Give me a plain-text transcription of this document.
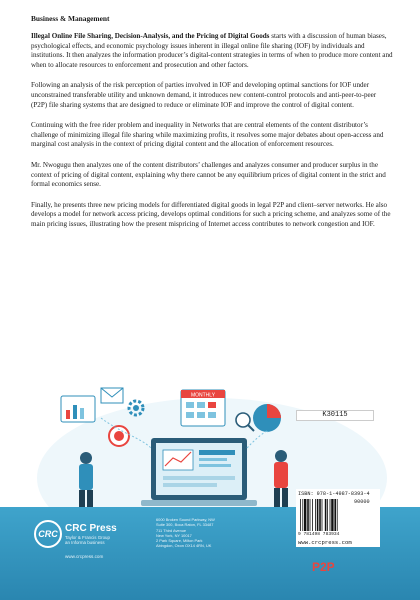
Business & Management

Illegal Online File Sharing, Decision-Analysis, and the Pricing of Digital Goods starts with a discussion of human biases, psychological effects, and economic psychology issues inherent in illegal online file sharing (IOF) by individuals and institutions. It then analyzes the information producer’s digital-content strategies in terms of when to produce more content and when to allocate resources to enforcement and prosecution and other factors.

Following an analysis of the risk perception of parties involved in IOF and developing optimal sanctions for IOF under unconstrained transferable utility and unknown demand, it introduces new content-control protocols and anti-peer-to-peer (P2P) file sharing systems that are designed to reduce or eliminate IOF and improve the control of digital content.

Continuing with the free rider problem and inequality in Networks that are central elements of the content distributor’s challenge of minimizing illegal file sharing while maximizing profits, it resolves some major debates about open-access and marginal cost analysis in the context of pricing digital content and the allocation of enforcement resources.

Mr. Nwogugu then analyzes one of the content distributors’ challenges and analyzes consumer and producer surplus in the context of pricing of digital content, explaining why there cannot be any equilibrium prices of digital content in the strict and formal economics sense.

Finally, he presents three new pricing models for differentiated digital goods in legal P2P and client–server networks. He also develops a model for network access pricing, develops optimal conditions for such a pricing scheme, and analyzes some of the main pricing issues, illustrating how the present mispricing of Internet access contributes to network congestion and IOF.

MONTHLY
K30115
CRC CRC Press
Taylor & Francis Group
an Informa business
www.crcpress.com
6000 Broken Sound Parkway, NW
Suite 300, Boca Raton, FL 33487
711 Third Avenue
New York, NY 10017
2 Park Square, Milton Park
Abingdon, Oxon OX14 4RN, UK
ISBN: 978-1-4987-8393-4
90000
9 781498 783934
www.crcpress.com
P2P
